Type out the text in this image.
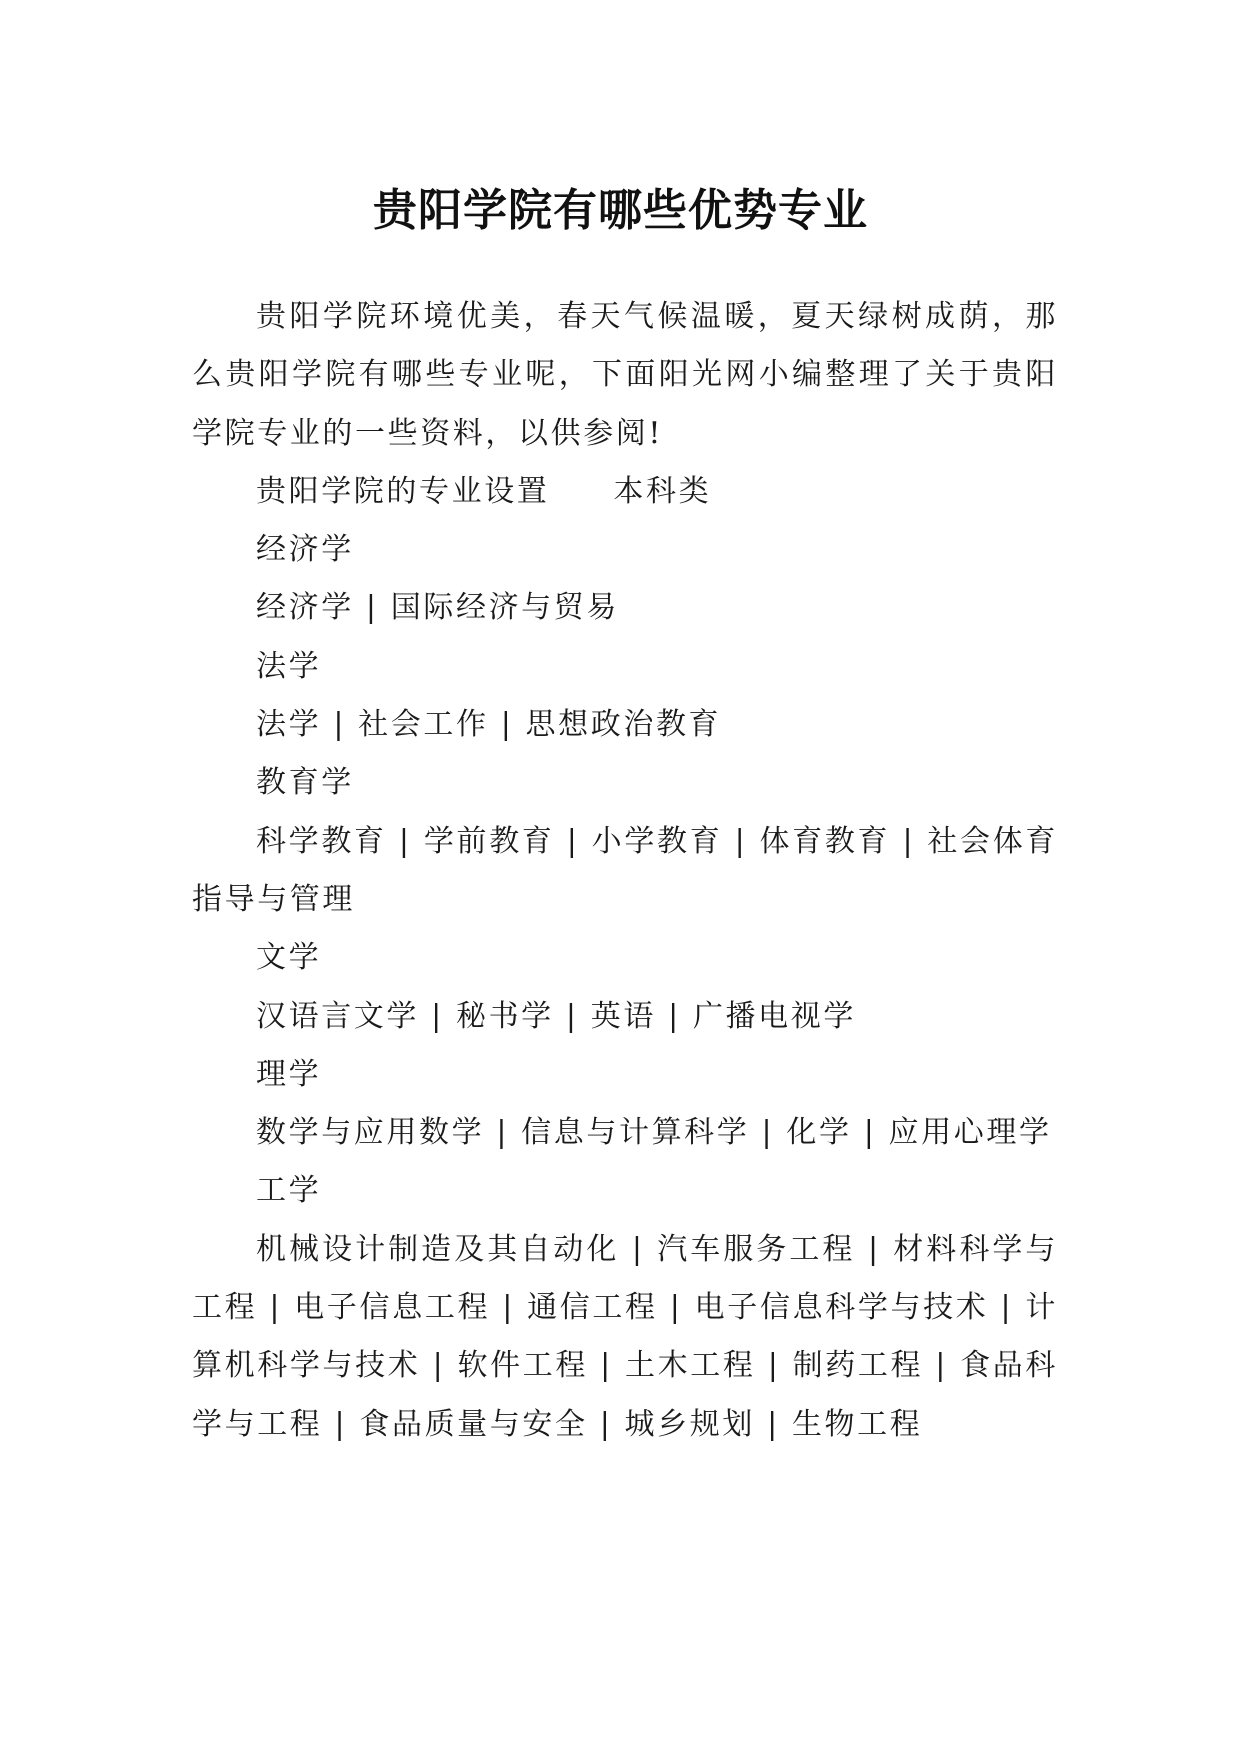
贵阳学院有哪些优势专业

贵阳学院环境优美，春天气候温暖，夏天绿树成荫，那么贵阳学院有哪些专业呢，下面阳光网小编整理了关于贵阳学院专业的一些资料，以供参阅!

贵阳学院的专业设置 本科类

经济学

经济学 | 国际经济与贸易

法学

法学 | 社会工作 | 思想政治教育

教育学

科学教育 | 学前教育 | 小学教育 | 体育教育 | 社会体育指导与管理

文学

汉语言文学 | 秘书学 | 英语 | 广播电视学

理学

数学与应用数学 | 信息与计算科学 | 化学 | 应用心理学

工学

机械设计制造及其自动化 | 汽车服务工程 | 材料科学与工程 | 电子信息工程 | 通信工程 | 电子信息科学与技术 | 计算机科学与技术 | 软件工程 | 土木工程 | 制药工程 | 食品科学与工程 | 食品质量与安全 | 城乡规划 | 生物工程
